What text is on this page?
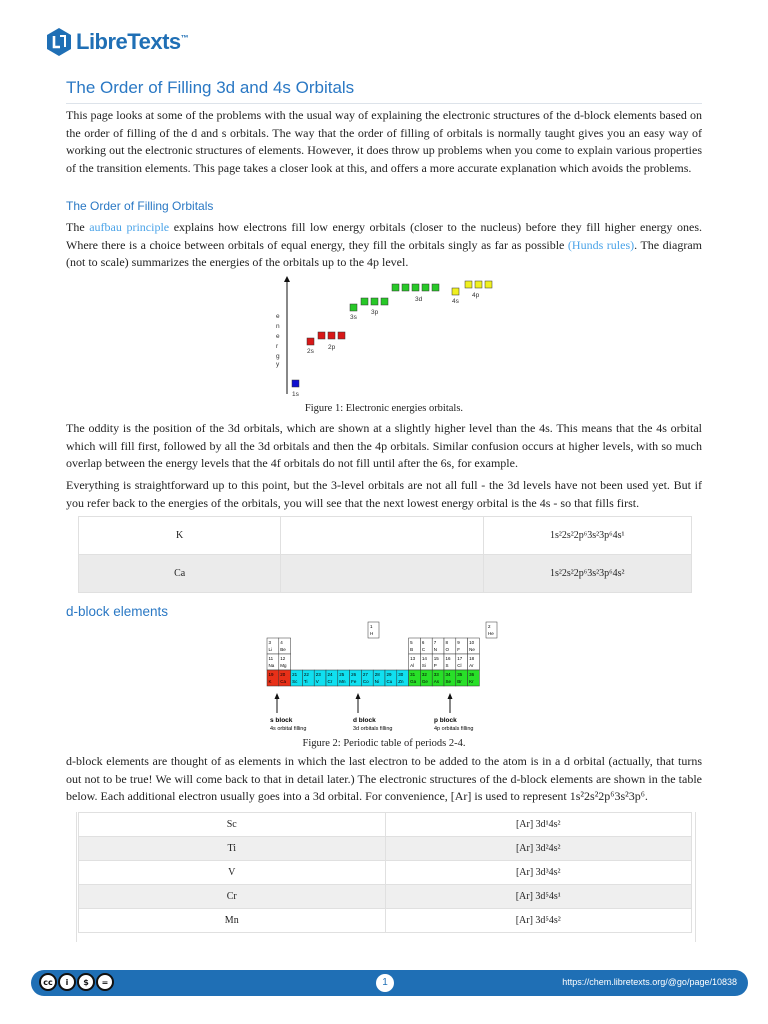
LibreTexts™
The Order of Filling 3d and 4s Orbitals

This page looks at some of the problems with the usual way of explaining the electronic structures of the d-block elements based on the order of filling of the d and s orbitals. The way that the order of filling of orbitals is normally taught gives you an easy way of working out the electronic structures of elements. However, it does throw up problems when you come to explain various properties of the transition elements. This page takes a closer look at this, and offers a more accurate explanation which avoids the problems.

The Order of Filling Orbitals

The aufbau principle explains how electrons fill low energy orbitals (closer to the nucleus) before they fill higher energy ones. Where there is a choice between orbitals of equal energy, they fill the orbitals singly as far as possible (Hunds rules). The diagram (not to scale) summarizes the energies of the orbitals up to the 4p level.

e
n
e
r
g
y
1s
2s
2p
3s
3p
3d	4s
4p
Figure 1: Electronic energies orbitals.

The oddity is the position of the 3d orbitals, which are shown at a slightly higher level than the 4s. This means that the 4s orbital which will fill first, followed by all the 3d orbitals and then the 4p orbitals. Similar confusion occurs at higher levels, with so much overlap between the energy levels that the 4f orbitals do not fill until after the 6s, for example.

Everything is straightforward up to this point, but the 3-level orbitals are not all full - the 3d levels have not been used yet. But if you refer back to the energies of the orbitals, you will see that the next lowest energy orbital is the 4s - so that fills first.

K		1s²2s²2p⁶3s²3p⁶4s¹
Ca		1s²2s²2p⁶3s²3p⁶4s²
d-block elements
1
H
2
He
3
Li
4
Be
5
B
6
C
7
N
8
O
9
F
10
Ne
11
Na
12
Mg
13
Al
14
Si
15
P
16
S
17
Cl
18
Ar
19
K
20
Ca
21
Sc
22
Ti
23
V
24
Cr
25
Mn
26
Fe
27
Co
28
Ni
29
Cu
30
Zn
31
Ga
32
Ge
33
As
34
Se
35
Br
36
Kr
s block
4s orbital filling
d block
3d orbitals filling
p block
4p orbitals filling
Figure 2: Periodic table of periods 2-4.

d-block elements are thought of as elements in which the last electron to be added to the atom is in a d orbital (actually, that turns out not to be true! We will come back to that in detail later.) The electronic structures of the d-block elements are shown in the table below. Each additional electron usually goes into a 3d orbital. For convenience, [Ar] is used to represent 1s²2s²2p⁶3s²3p⁶.

Sc	[Ar] 3d¹4s²
Ti	[Ar] 3d²4s²
V	[Ar] 3d³4s²
Cr	[Ar] 3d⁵4s¹
Mn	[Ar] 3d⁵4s²
cc	i	$	=	1	https://chem.libretexts.org/@go/page/10838
